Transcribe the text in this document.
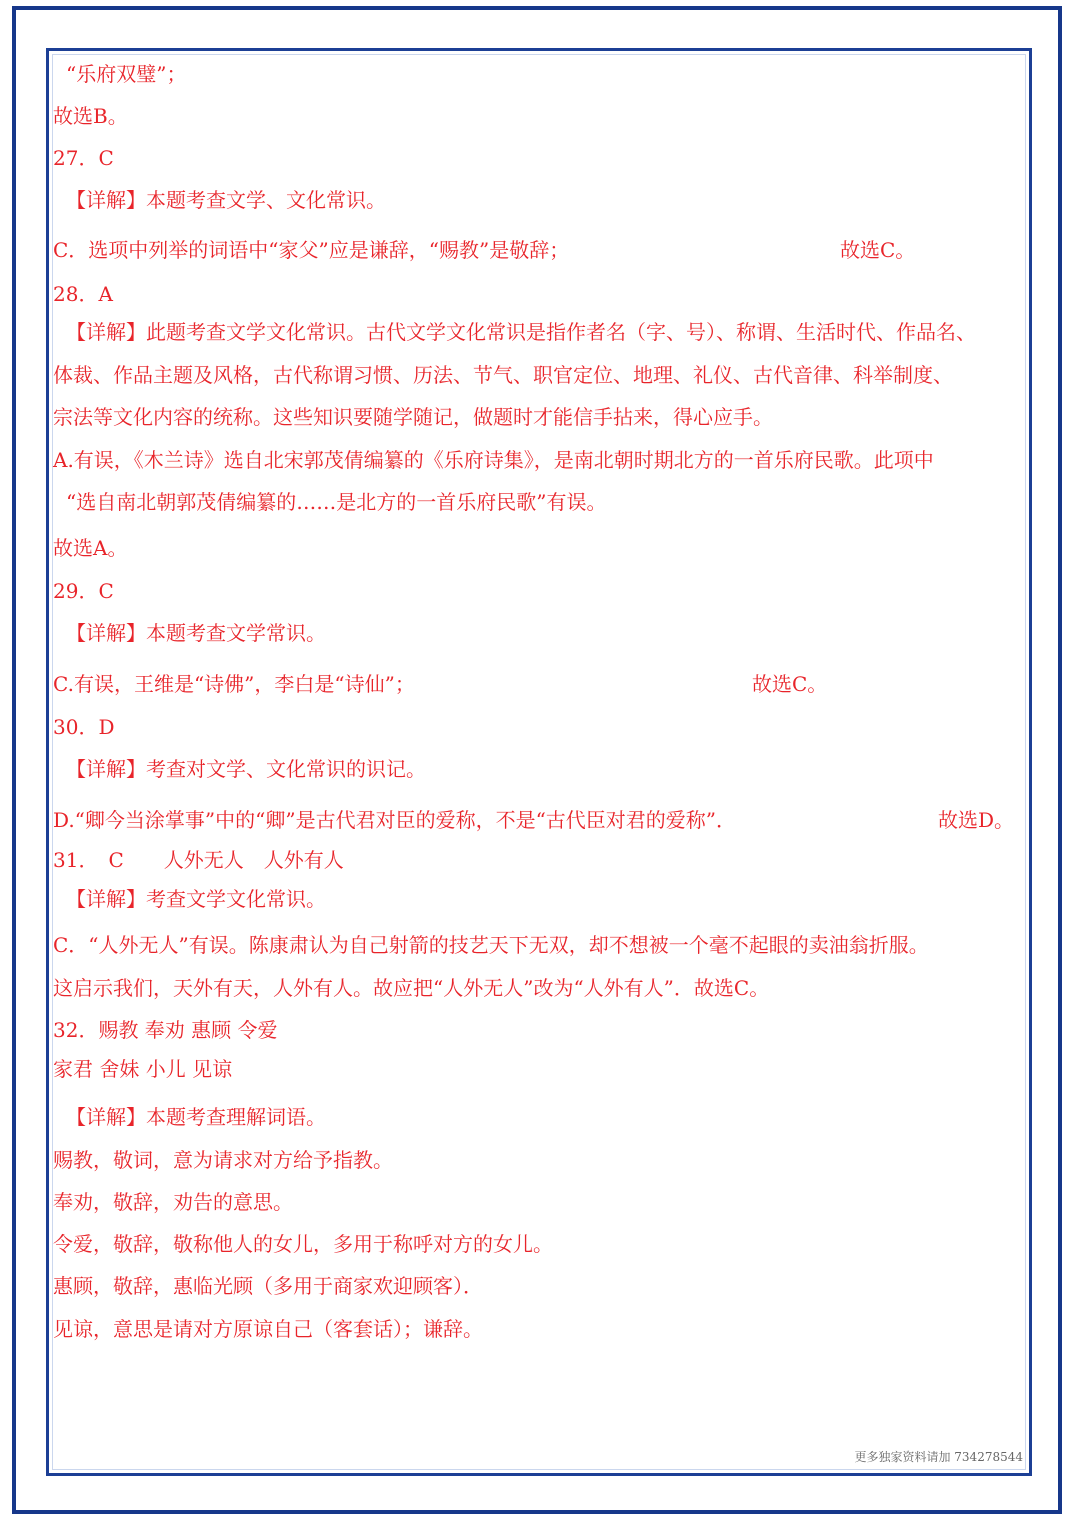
“乐府双璧”；
故选B。
27．C
【详解】本题考查文学、文化常识。
C．选项中列举的词语中“家父”应是谦辞，“赐教”是敬辞；	故选C。
28．A
【详解】此题考查文学文化常识。古代文学文化常识是指作者名（字、号）、称谓、生活时代、作品名、
体裁、作品主题及风格，古代称谓习惯、历法、节气、职官定位、地理、礼仪、古代音律、科举制度、
宗法等文化内容的统称。这些知识要随学随记，做题时才能信手拈来，得心应手。
A.有误，《木兰诗》选自北宋郭茂倩编纂的《乐府诗集》，是南北朝时期北方的一首乐府民歌。此项中
“选自南北朝郭茂倩编纂的……是北方的一首乐府民歌”有误。
故选A。
29．C
【详解】本题考查文学常识。
C.有误，王维是“诗佛”，李白是“诗仙”；	故选C。
30．D
【详解】考查对文学、文化常识的识记。
D.“卿今当涂掌事”中的“卿”是古代君对臣的爱称，不是“古代臣对君的爱称”．	故选D。
31．　C　　人外无人　人外有人
【详解】考查文学文化常识。
C．“人外无人”有误。陈康肃认为自己射箭的技艺天下无双，却不想被一个毫不起眼的卖油翁折服。
这启示我们，天外有天，人外有人。故应把“人外无人”改为“人外有人”．故选C。
32．赐教 奉劝 惠顾 令爱
家君 舍妹 小儿 见谅
【详解】本题考查理解词语。
赐教，敬词，意为请求对方给予指教。
奉劝，敬辞，劝告的意思。
令爱，敬辞，敬称他人的女儿，多用于称呼对方的女儿。
惠顾，敬辞，惠临光顾（多用于商家欢迎顾客）．
见谅，意思是请对方原谅自己（客套话）；谦辞。
更多独家资料请加 734278544
